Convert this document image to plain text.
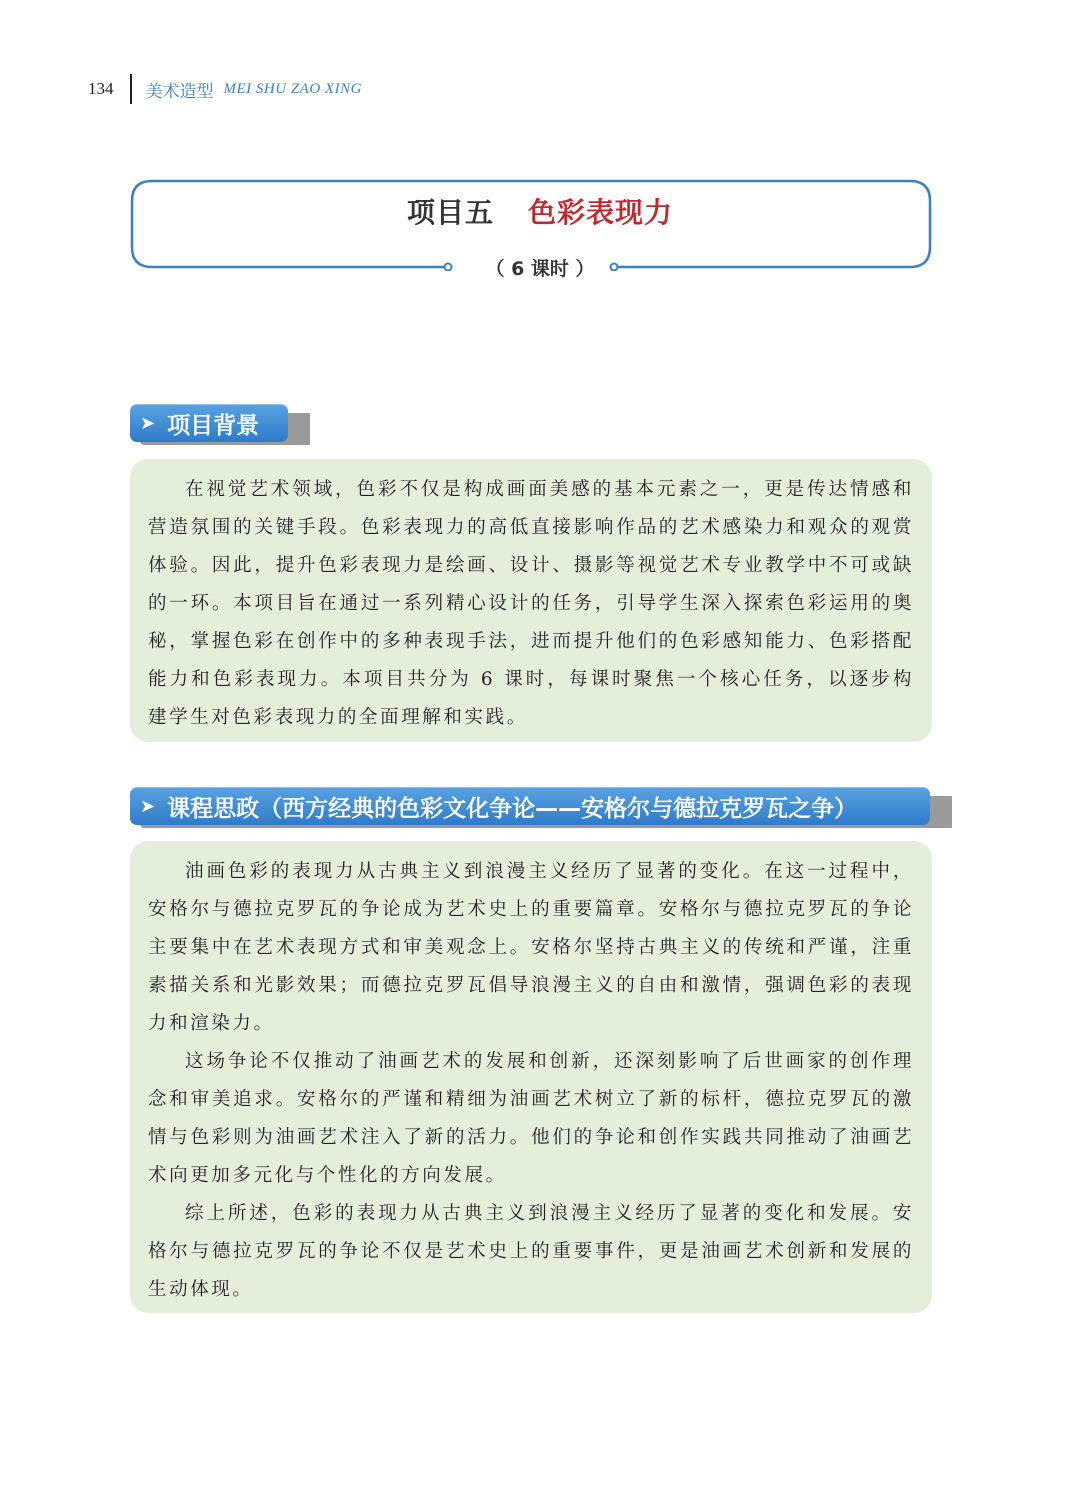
134 美术造型 MEI SHU ZAO XING
项目五 色彩表现力
（ 6 课时 ）
➤ 项目背景

在视觉艺术领域，色彩不仅是构成画面美感的基本元素之一，更是传达情感和营造氛围的关键手段。色彩表现力的高低直接影响作品的艺术感染力和观众的观赏体验。因此，提升色彩表现力是绘画、设计、摄影等视觉艺术专业教学中不可或缺的一环。本项目旨在通过一系列精心设计的任务，引导学生深入探索色彩运用的奥秘，掌握色彩在创作中的多种表现手法，进而提升他们的色彩感知能力、色彩搭配能力和色彩表现力。本项目共分为 6 课时，每课时聚焦一个核心任务，以逐步构建学生对色彩表现力的全面理解和实践。

➤ 课程思政（西方经典的色彩文化争论——安格尔与德拉克罗瓦之争）

油画色彩的表现力从古典主义到浪漫主义经历了显著的变化。在这一过程中，安格尔与德拉克罗瓦的争论成为艺术史上的重要篇章。安格尔与德拉克罗瓦的争论主要集中在艺术表现方式和审美观念上。安格尔坚持古典主义的传统和严谨，注重素描关系和光影效果；而德拉克罗瓦倡导浪漫主义的自由和激情，强调色彩的表现力和渲染力。

这场争论不仅推动了油画艺术的发展和创新，还深刻影响了后世画家的创作理念和审美追求。安格尔的严谨和精细为油画艺术树立了新的标杆，德拉克罗瓦的激情与色彩则为油画艺术注入了新的活力。他们的争论和创作实践共同推动了油画艺术向更加多元化与个性化的方向发展。

综上所述，色彩的表现力从古典主义到浪漫主义经历了显著的变化和发展。安格尔与德拉克罗瓦的争论不仅是艺术史上的重要事件，更是油画艺术创新和发展的生动体现。
